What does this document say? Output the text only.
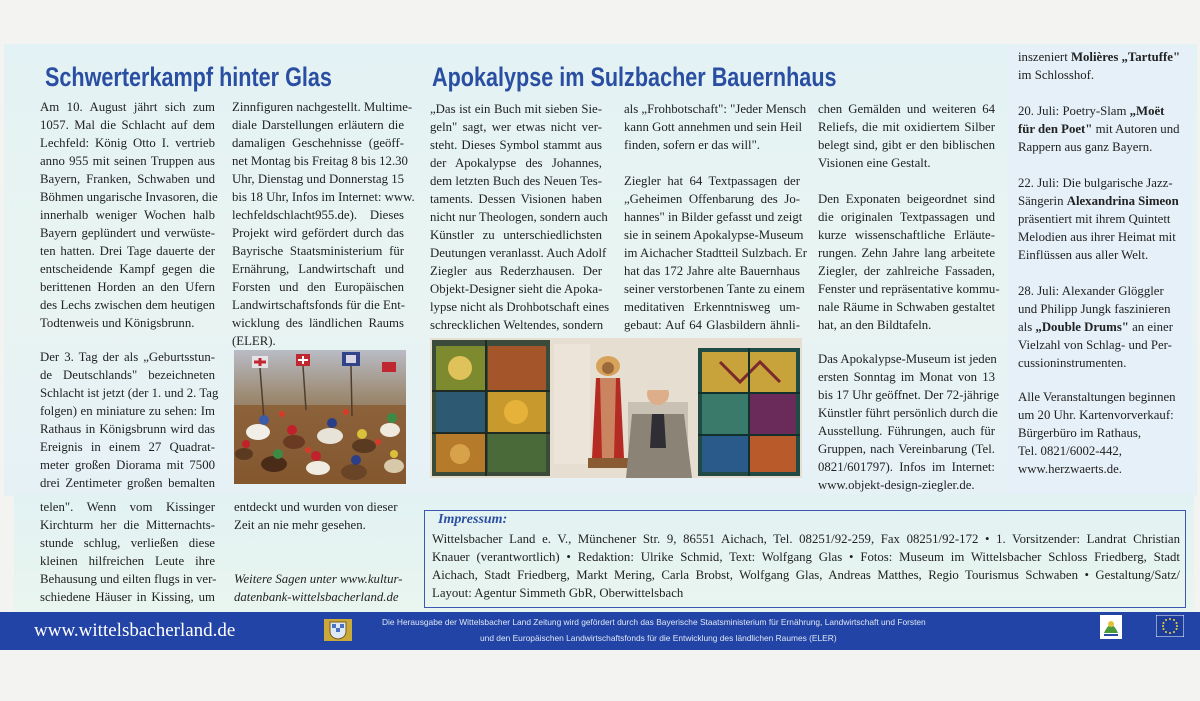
Schwerterkampf hinter Glas	Apokalypse im Sulzbacher Bauernhaus
Am 10. August jährt sich zum
1057. Mal die Schlacht auf dem
Lechfeld: König Otto I. vertrieb
anno 955 mit seinen Truppen aus
Bayern, Franken, Schwaben und
Böhmen ungarische Invasoren, die
innerhalb weniger Wochen halb
Bayern geplündert und verwüste-
ten hatten. Drei Tage dauerte der
entscheidende Kampf gegen die
berittenen Horden an den Ufern
des Lechs zwischen dem heutigen
Todtenweis und Königsbrunn.
Der 3. Tag der als „Geburtsstun-
de Deutschlands" bezeichneten
Schlacht ist jetzt (der 1. und 2. Tag
folgen) en miniature zu sehen: Im
Rathaus in Königsbrunn wird das
Ereignis in einem 27 Quadrat-
meter großen Diorama mit 7500
drei Zentimeter großen bemalten
Zinnfiguren nachgestellt. Multime-
diale Darstellungen erläutern die
damaligen Geschehnisse (geöff-
net Montag bis Freitag 8 bis 12.30
Uhr, Dienstag und Donnerstag 15
bis 18 Uhr, Infos im Internet: www.
lechfeldschlacht955.de). Dieses
Projekt wird gefördert durch das
Bayrische Staatsministerium für
Ernährung, Landwirtschaft und
Forsten und den Europäischen
Landwirtschaftsfonds für die Ent-
wicklung des ländlichen Raums
(ELER).
„Das ist ein Buch mit sieben Sie-
geln" sagt, wer etwas nicht ver-
steht. Dieses Symbol stammt aus
der Apokalypse des Johannes,
dem letzten Buch des Neuen Tes-
taments. Dessen Visionen haben
nicht nur Theologen, sondern auch
Künstler zu unterschiedlichsten
Deutungen veranlasst. Auch Adolf
Ziegler aus Rederzhausen. Der
Objekt-Designer sieht die Apoka-
lypse nicht als Drohbotschaft eines
schrecklichen Weltendes, sondern
als „Frohbotschaft": "Jeder Mensch
kann Gott annehmen und sein Heil
finden, sofern er das will".
Ziegler hat 64 Textpassagen der
„Geheimen Offenbarung des Jo-
hannes" in Bilder gefasst und zeigt
sie in seinem Apokalypse-Museum
im Aichacher Stadtteil Sulzbach. Er
hat das 172 Jahre alte Bauernhaus
seiner verstorbenen Tante zu einem
meditativen Erkenntnisweg um-
gebaut: Auf 64 Glasbildern ähnli-
chen Gemälden und weiteren 64
Reliefs, die mit oxidiertem Silber
belegt sind, gibt er den biblischen
Visionen eine Gestalt.
Den Exponaten beigeordnet sind
die originalen Textpassagen und
kurze wissenschaftliche Erläute-
rungen. Zehn Jahre lang arbeitete
Ziegler, der zahlreiche Fassaden,
Fenster und repräsentative kommu-
nale Räume in Schwaben gestaltet
hat, an den Bildtafeln.
Das Apokalypse-Museum ist jeden
ersten Sonntag im Monat von 13
bis 17 Uhr geöffnet. Der 72-jährige
Künstler führt persönlich durch die
Ausstellung. Führungen, auch für
Gruppen, nach Vereinbarung (Tel.
0821/601797). Infos im Internet:
www.objekt-design-ziegler.de.
inszeniert Molières „Tartuffe"
im Schlosshof.
20. Juli: Poetry-Slam „Moët
für den Poet" mit Autoren und
Rappern aus ganz Bayern.
22. Juli: Die bulgarische Jazz-
Sängerin Alexandrina Simeon
präsentiert mit ihrem Quintett
Melodien aus ihrer Heimat mit
Einflüssen aus aller Welt.
28. Juli: Alexander Glöggler
und Philipp Jungk faszinieren
als „Double Drums" an einer
Vielzahl von Schlag- und Per-
cussioninstrumenten.
Alle Veranstaltungen beginnen
um 20 Uhr. Kartenvorverkauf:
Bürgerbüro im Rathaus,
Tel. 0821/6002-442,
www.herzwaerts.de.
telen". Wenn vom Kissinger
Kirchturm her die Mitternachts-
stunde schlug, verließen diese
kleinen hilfreichen Leute ihre
Behausung und eilten flugs in ver-
schiedene Häuser in Kissing, um
entdeckt und wurden von dieser
Zeit an nie mehr gesehen.
Weitere Sagen unter www.kultur-
datenbank-wittelsbacherland.de
Impressum:
Wittelsbacher Land e. V., Münchener Str. 9, 86551 Aichach, Tel. 08251/92-259, Fax 08251/92-172 • 1. Vorsitzender: Landrat Christian
Knauer (verantwortlich) • Redaktion: Ulrike Schmid, Text: Wolfgang Glas • Fotos: Museum im Wittelsbacher Schloss Friedberg, Stadt
Aichach, Stadt Friedberg, Markt Mering, Carla Brobst, Wolfgang Glas, Andreas Matthes, Regio Tourismus Schwaben • Gestaltung/Satz/
Layout: Agentur Simmeth GbR, Oberwittelsbach
www.wittelsbacherland.de	Die Herausgabe der Wittelsbacher Land Zeitung wird gefördert durch das Bayerische Staatsministerium für Ernährung, Landwirtschaft und Forsten
und den Europäischen Landwirtschaftsfonds für die Entwicklung des ländlichen Raumes (ELER)
